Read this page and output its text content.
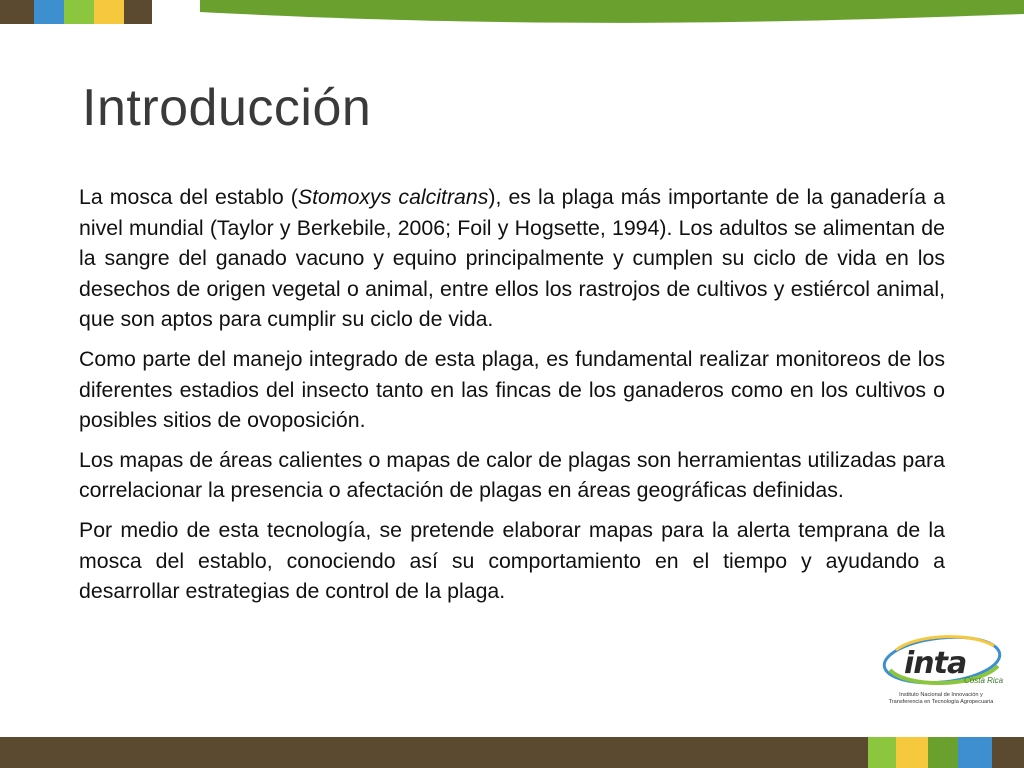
Introducción

La mosca del establo (Stomoxys calcitrans), es la plaga más importante de la ganadería a nivel mundial (Taylor y Berkebile, 2006; Foil y Hogsette, 1994). Los adultos se alimentan de la sangre del ganado vacuno y equino principalmente y cumplen su ciclo de vida en los desechos de origen vegetal o animal, entre ellos los rastrojos de cultivos y estiércol animal, que son aptos para cumplir su ciclo de vida.

Como parte del manejo integrado de esta plaga, es fundamental realizar monitoreos de los diferentes estadios del insecto tanto en las fincas de los ganaderos como en los cultivos o posibles sitios de ovoposición.

Los mapas de áreas calientes o mapas de calor de plagas son herramientas utilizadas para correlacionar la presencia o afectación de plagas en áreas geográficas definidas.

Por medio de esta tecnología, se pretende elaborar mapas para la alerta temprana de la mosca del establo, conociendo así su comportamiento en el tiempo y ayudando a desarrollar estrategias de control de la plaga.

inta
Costa Rica
Instituto Nacional de Innovación y
Transferencia en Tecnología Agropecuaria
